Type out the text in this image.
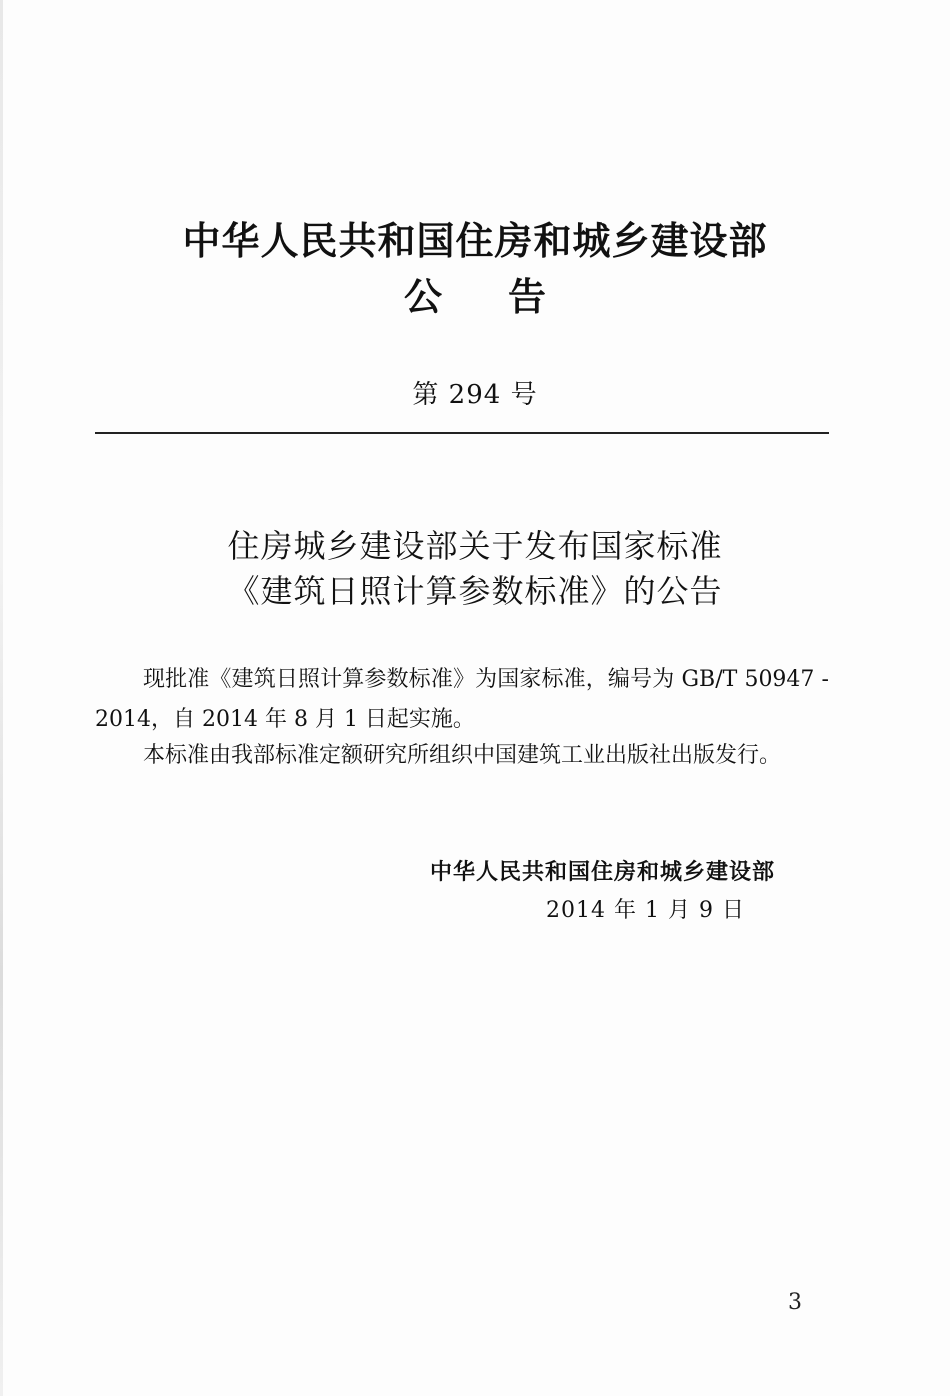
中华人民共和国住房和城乡建设部
公告
第 294 号
住房城乡建设部关于发布国家标准
《建筑日照计算参数标准》的公告
现批准《建筑日照计算参数标准》为国家标准，编号为 GB/T 50947 - 2014，自 2014 年 8 月 1 日起实施。
本标准由我部标准定额研究所组织中国建筑工业出版社出版发行。
中华人民共和国住房和城乡建设部
2014 年 1 月 9 日
3
